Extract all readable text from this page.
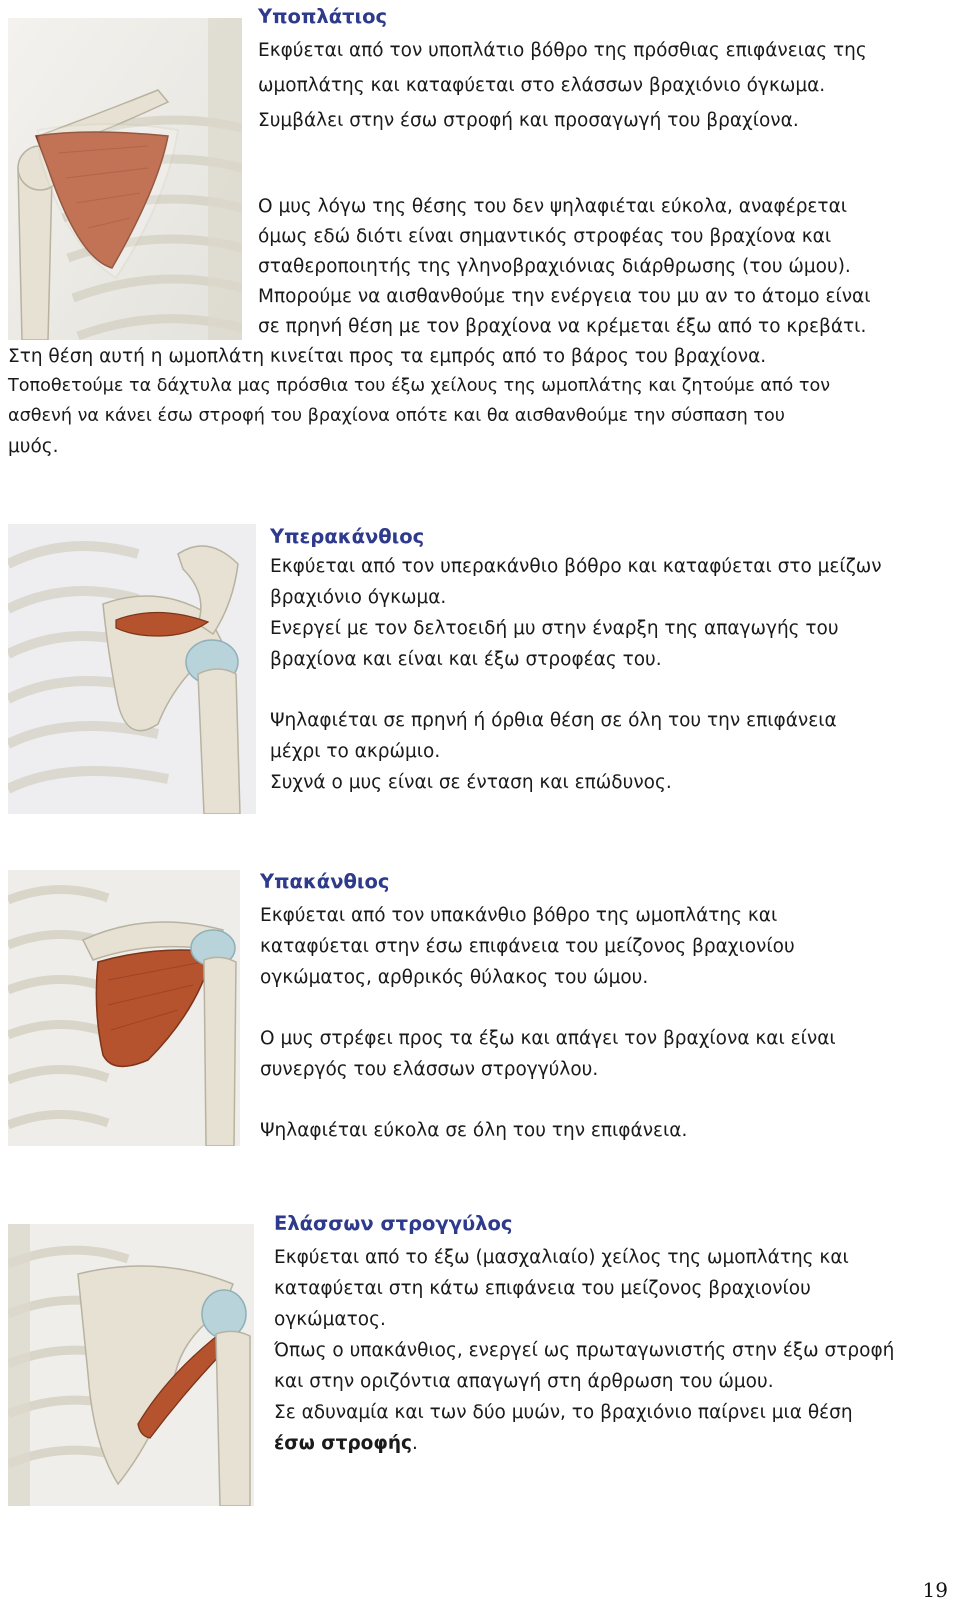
Υποπλάτιος
Εκφύεται από τον υποπλάτιο βόθρο της πρόσθιας επιφάνειας της
ωμοπλάτης και καταφύεται στο ελάσσων βραχιόνιο όγκωμα.
Συμβάλει στην έσω στροφή και προσαγωγή του βραχίονα.
Ο μυς λόγω της θέσης του δεν ψηλαφιέται εύκολα, αναφέρεται
όμως εδώ διότι είναι σημαντικός στροφέας του βραχίονα και
σταθεροποιητής της γληνοβραχιόνιας διάρθρωσης (του ώμου).
Μπορούμε να αισθανθούμε την ενέργεια του μυ αν το άτομο είναι
σε πρηνή θέση με τον βραχίονα να κρέμεται έξω από το κρεβάτι.
Στη θέση αυτή η ωμοπλάτη κινείται προς τα εμπρός από το βάρος του βραχίονα.
Τοποθετούμε τα δάχτυλα μας πρόσθια του έξω χείλους της ωμοπλάτης και ζητούμε από τον
ασθενή να κάνει έσω στροφή του βραχίονα οπότε και θα αισθανθούμε την σύσπαση του
μυός.
Υπερακάνθιος
Εκφύεται από τον υπερακάνθιο βόθρο και καταφύεται στο μείζων
βραχιόνιο όγκωμα.
Ενεργεί με τον δελτοειδή μυ στην έναρξη της απαγωγής του
βραχίονα και είναι και έξω στροφέας του.
Ψηλαφιέται σε πρηνή ή όρθια θέση σε όλη του την επιφάνεια
μέχρι το ακρώμιο.
Συχνά ο μυς είναι σε ένταση και επώδυνος.
Υπακάνθιος
Εκφύεται από τον υπακάνθιο βόθρο της ωμοπλάτης και
καταφύεται στην έσω επιφάνεια του μείζονος βραχιονίου
ογκώματος, αρθρικός θύλακος του ώμου.
Ο μυς στρέφει προς τα έξω και απάγει τον βραχίονα και είναι
συνεργός του ελάσσων στρογγύλου.
Ψηλαφιέται εύκολα σε όλη του την επιφάνεια.
Ελάσσων στρογγύλος
Εκφύεται από το έξω (μασχαλιαίο) χείλος της ωμοπλάτης και
καταφύεται στη κάτω επιφάνεια του μείζονος βραχιονίου
ογκώματος.
Όπως ο υπακάνθιος, ενεργεί ως πρωταγωνιστής στην έξω στροφή
και στην οριζόντια απαγωγή στη άρθρωση του ώμου.
Σε αδυναμία και των δύο μυών, το βραχιόνιο παίρνει μια θέση
έσω στροφής.
19
